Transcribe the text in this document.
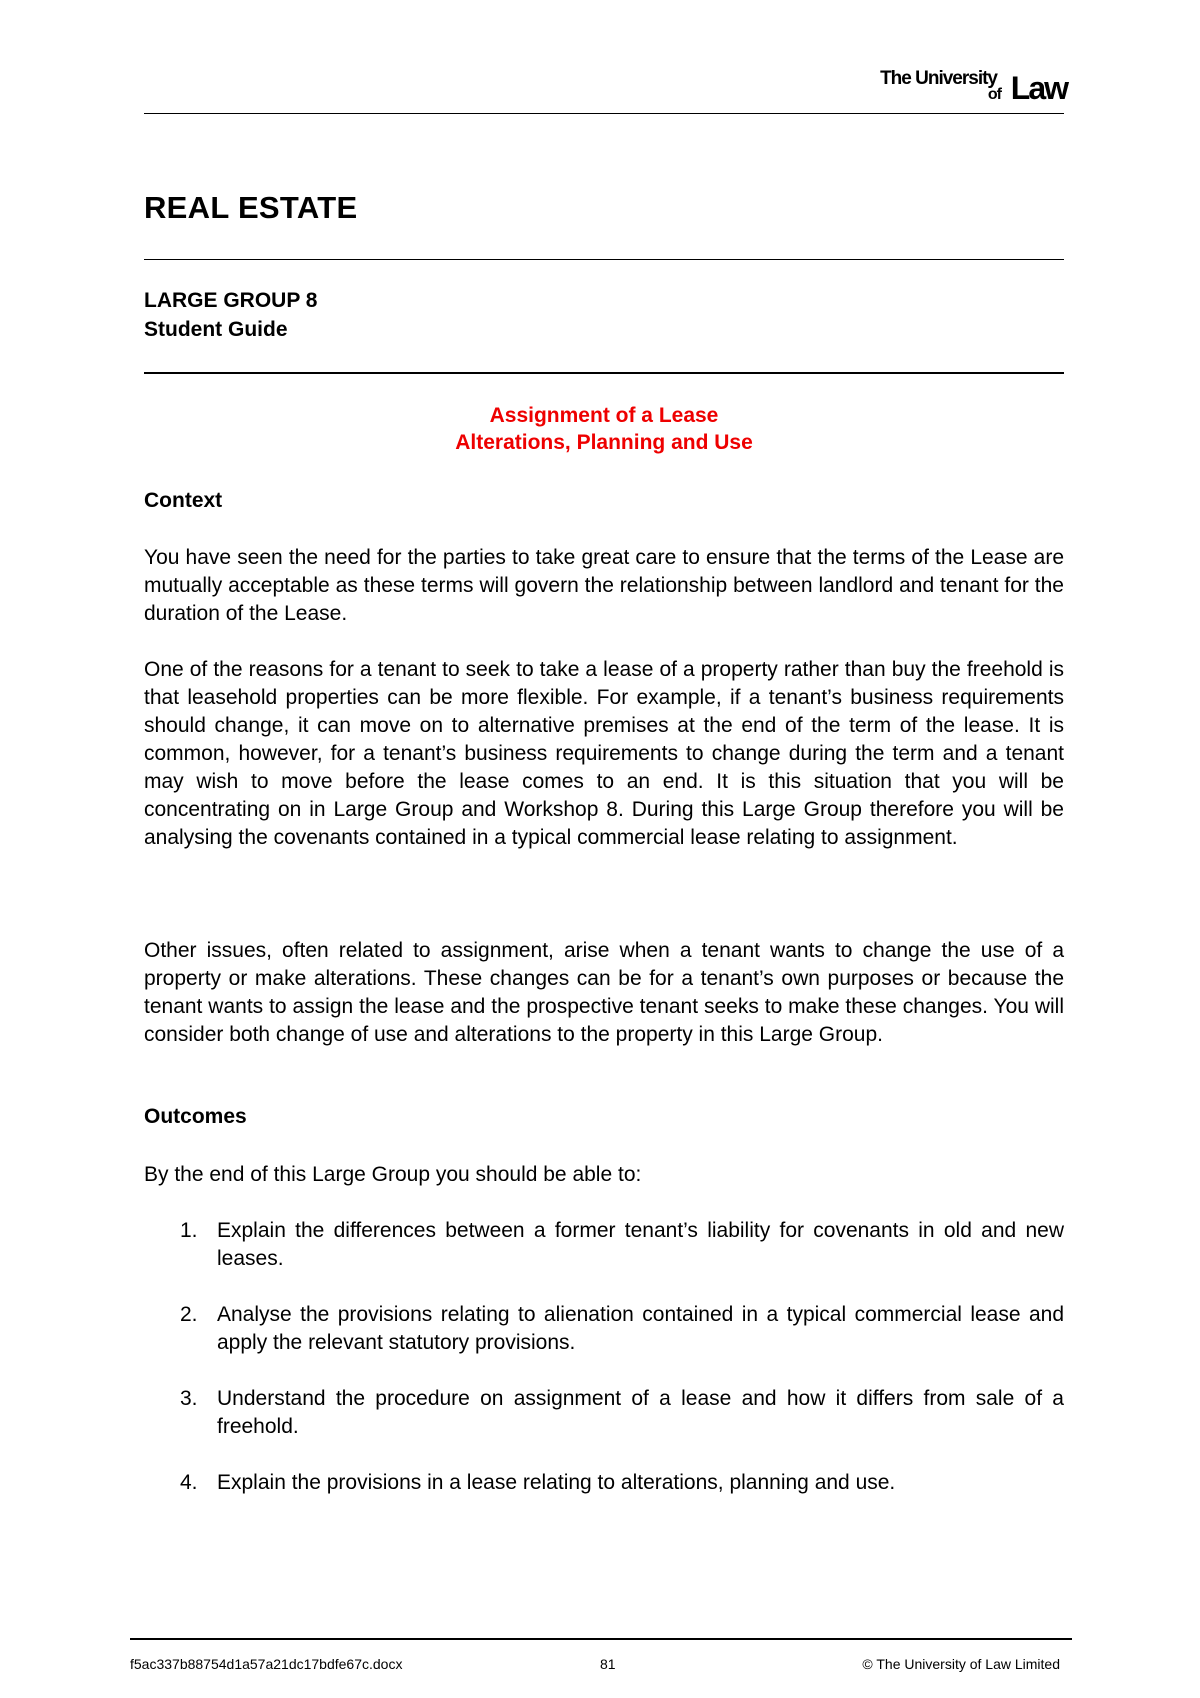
The University
of Law
REAL ESTATE
LARGE GROUP 8
Student Guide
Assignment of a Lease
Alterations, Planning and Use
Context

You have seen the need for the parties to take great care to ensure that the terms of the Lease are mutually acceptable as these terms will govern the relationship between landlord and tenant for the duration of the Lease.

One of the reasons for a tenant to seek to take a lease of a property rather than buy the freehold is that leasehold properties can be more flexible. For example, if a tenant’s business requirements should change, it can move on to alternative premises at the end of the term of the lease. It is common, however, for a tenant’s business requirements to change during the term and a tenant may wish to move before the lease comes to an end. It is this situation that you will be concentrating on in Large Group and Workshop 8. During this Large Group therefore you will be analysing the covenants contained in a typical commercial lease relating to assignment.

Other issues, often related to assignment, arise when a tenant wants to change the use of a property or make alterations. These changes can be for a tenant’s own purposes or because the tenant wants to assign the lease and the prospective tenant seeks to make these changes. You will consider both change of use and alterations to the property in this Large Group.

Outcomes

By the end of this Large Group you should be able to:

1. Explain the differences between a former tenant’s liability for covenants in old and new leases.
2. Analyse the provisions relating to alienation contained in a typical commercial lease and apply the relevant statutory provisions.
3. Understand the procedure on assignment of a lease and how it differs from sale of a freehold.
4. Explain the provisions in a lease relating to alterations, planning and use.
f5ac337b88754d1a57a21dc17bdfe67c.docx	81	© The University of Law Limited
